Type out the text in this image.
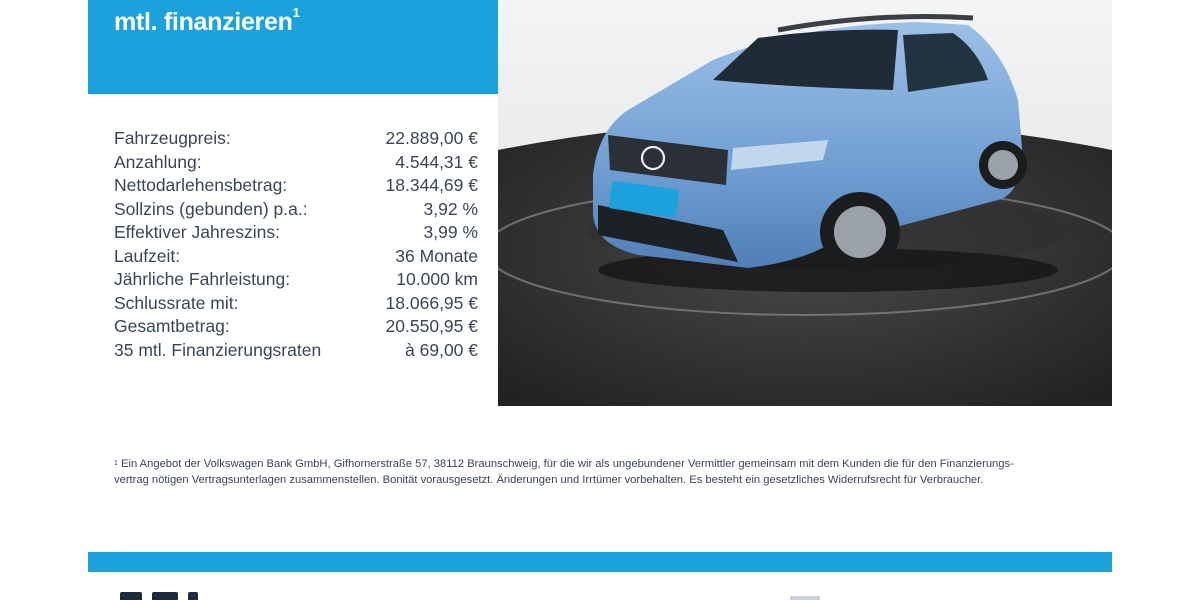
mtl. finanzieren$^1$
Fahrzeugpreis:	22.889,00 €
Anzahlung:	4.544,31 €
Nettodarlehensbetrag:	18.344,69 €
Sollzins (gebunden) p.a.:	3,92 %
Effektiver Jahreszins:	3,99 %
Laufzeit:	36 Monate
Jährliche Fahrleistung:	10.000 km
Schlussrate mit:	18.066,95 €
Gesamtbetrag:	20.550,95 €
35 mtl. Finanzierungsraten	à 69,00 €
$^1$ Ein Angebot der Volkswagen Bank GmbH, Gifhornerstraße 57, 38112 Braunschweig, für die wir als ungebundener Vermittler gemeinsam mit dem Kunden die für den Finanzierungs-
vertrag nötigen Vertragsunterlagen zusammenstellen. Bonität vorausgesetzt. Änderungen und Irrtümer vorbehalten. Es besteht ein gesetzliches Widerrufsrecht für Verbraucher.
